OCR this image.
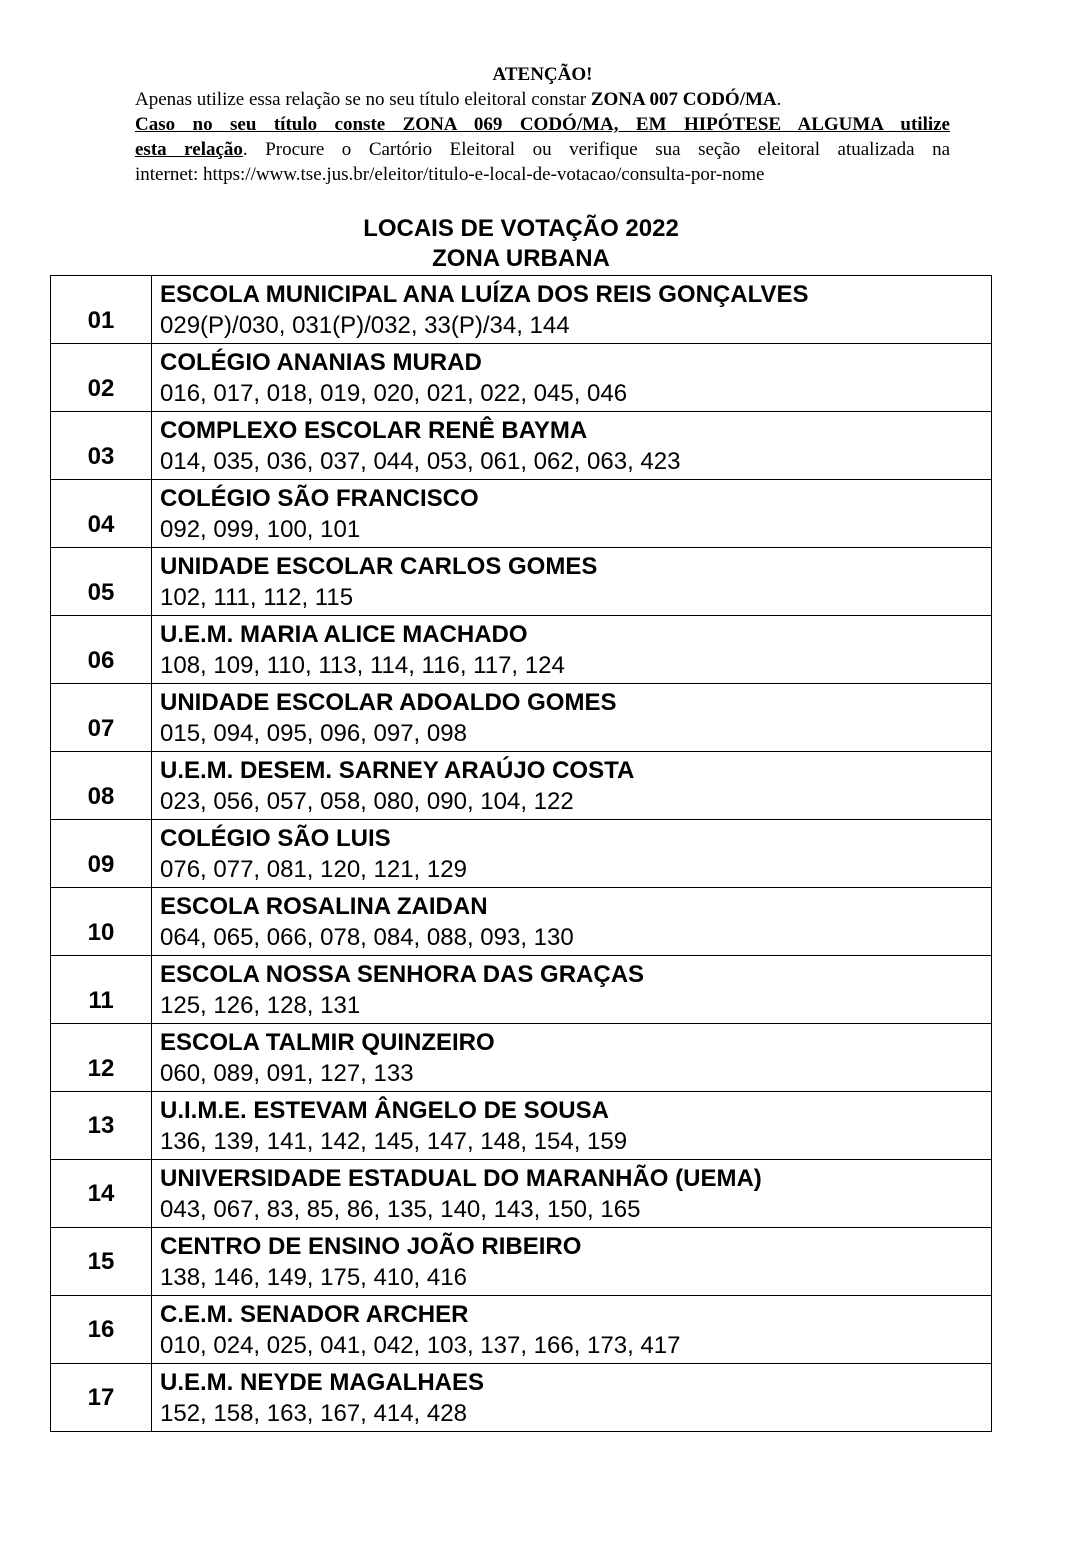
ATENÇÃO!

Apenas utilize essa relação se no seu título eleitoral constar ZONA 007 CODÓ/MA.

Caso no seu título conste ZONA 069 CODÓ/MA, EM HIPÓTESE ALGUMA utilize

esta relação. Procure o Cartório Eleitoral ou verifique sua seção eleitoral atualizada na

internet: https://www.tse.jus.br/eleitor/titulo-e-local-de-votacao/consulta-por-nome

LOCAIS DE VOTAÇÃO 2022
ZONA URBANA
01	ESCOLA MUNICIPAL ANA LUÍZA DOS REIS GONÇALVES
029(P)/030, 031(P)/032, 33(P)/34, 144

02	COLÉGIO ANANIAS MURAD
016, 017, 018, 019, 020, 021, 022, 045, 046

03	COMPLEXO ESCOLAR RENÊ BAYMA
014, 035, 036, 037, 044, 053, 061, 062, 063, 423

04	COLÉGIO SÃO FRANCISCO
092, 099, 100, 101

05	UNIDADE ESCOLAR CARLOS GOMES
102, 111, 112, 115

06	U.E.M. MARIA ALICE MACHADO
108, 109, 110, 113, 114, 116, 117, 124

07	UNIDADE ESCOLAR ADOALDO GOMES
015, 094, 095, 096, 097, 098

08	U.E.M. DESEM. SARNEY ARAÚJO COSTA
023, 056, 057, 058, 080, 090, 104, 122

09	COLÉGIO SÃO LUIS
076, 077, 081, 120, 121, 129

10	ESCOLA ROSALINA ZAIDAN
064, 065, 066, 078, 084, 088, 093, 130

11	ESCOLA NOSSA SENHORA DAS GRAÇAS
125, 126, 128, 131

12	ESCOLA TALMIR QUINZEIRO
060, 089, 091, 127, 133

13	U.I.M.E. ESTEVAM ÂNGELO DE SOUSA
136, 139, 141, 142, 145, 147, 148, 154, 159

14	UNIVERSIDADE ESTADUAL DO MARANHÃO (UEMA)
043, 067, 83, 85, 86, 135, 140, 143, 150, 165

15	CENTRO DE ENSINO JOÃO RIBEIRO
138, 146, 149, 175, 410, 416

16	C.E.M. SENADOR ARCHER
010, 024, 025, 041, 042, 103, 137, 166, 173, 417

17	U.E.M. NEYDE MAGALHAES
152, 158, 163, 167, 414, 428
